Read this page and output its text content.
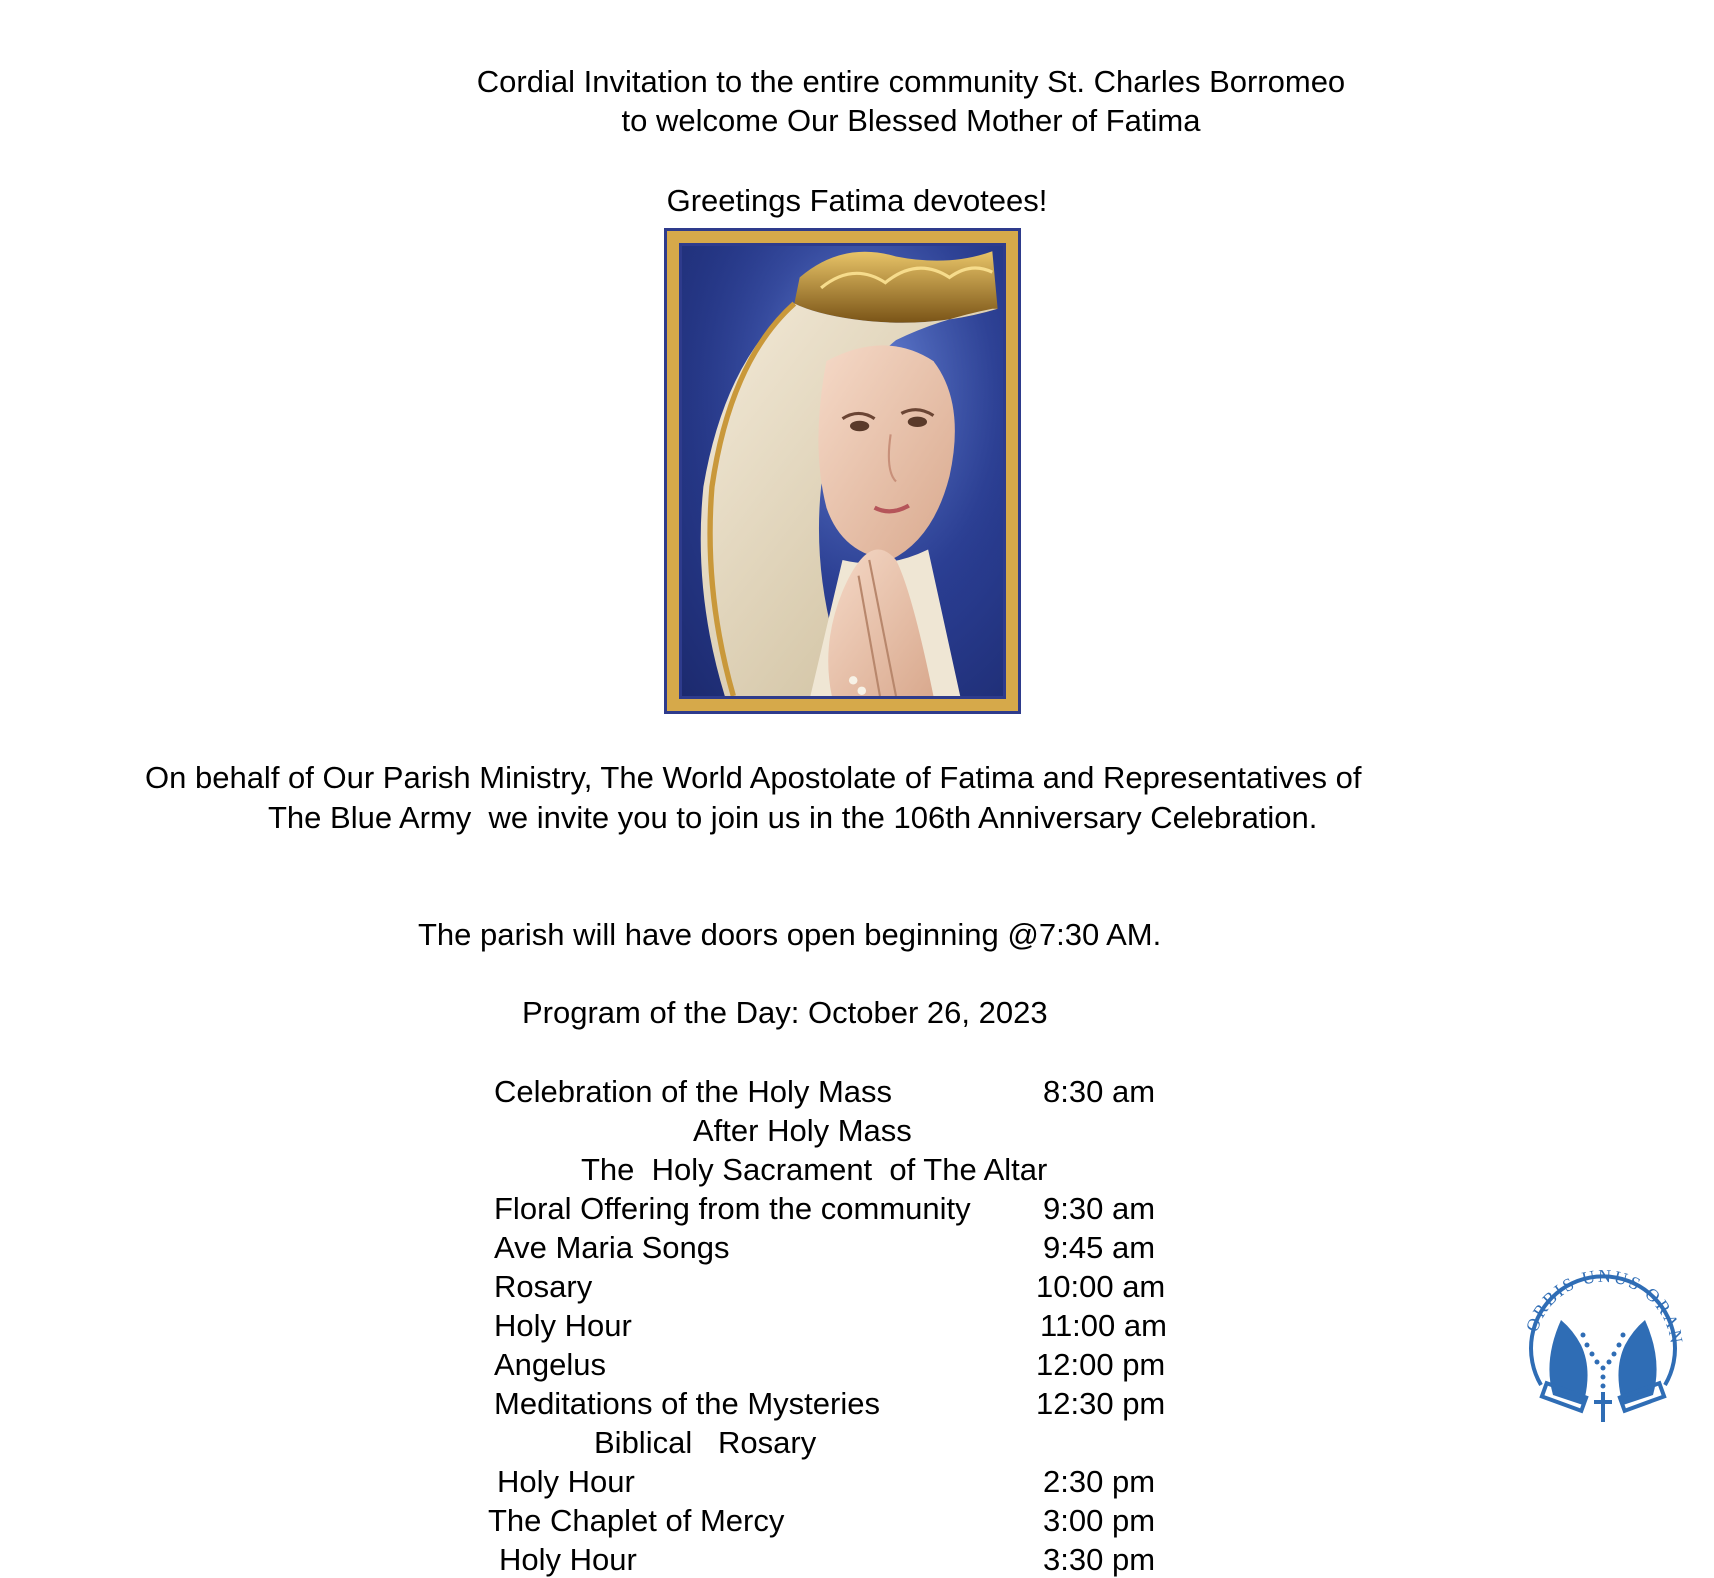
Cordial Invitation to the entire community St. Charles Borromeo
to welcome Our Blessed Mother of Fatima
Greetings Fatima devotees!
On behalf of Our Parish Ministry, The World Apostolate of Fatima and Representatives of
The Blue Army  we invite you to join us in the 106th Anniversary Celebration.
The parish will have doors open beginning @7:30 AM.
Program of the Day: October 26, 2023
Celebration of the Holy Mass	8:30 am
After Holy Mass
The  Holy Sacrament  of The Altar
Floral Offering from the community 9:30 am
Ave Maria Songs	9:45 am
Rosary	10:00 am
Holy Hour	11:00 am
Angelus	12:00 pm
Meditations of the Mysteries	12:30 pm
Biblical   Rosary
Holy Hour	2:30 pm
The Chaplet of Mercy	3:00 pm
Holy Hour	3:30 pm
ORBIS UNUS ORAN
